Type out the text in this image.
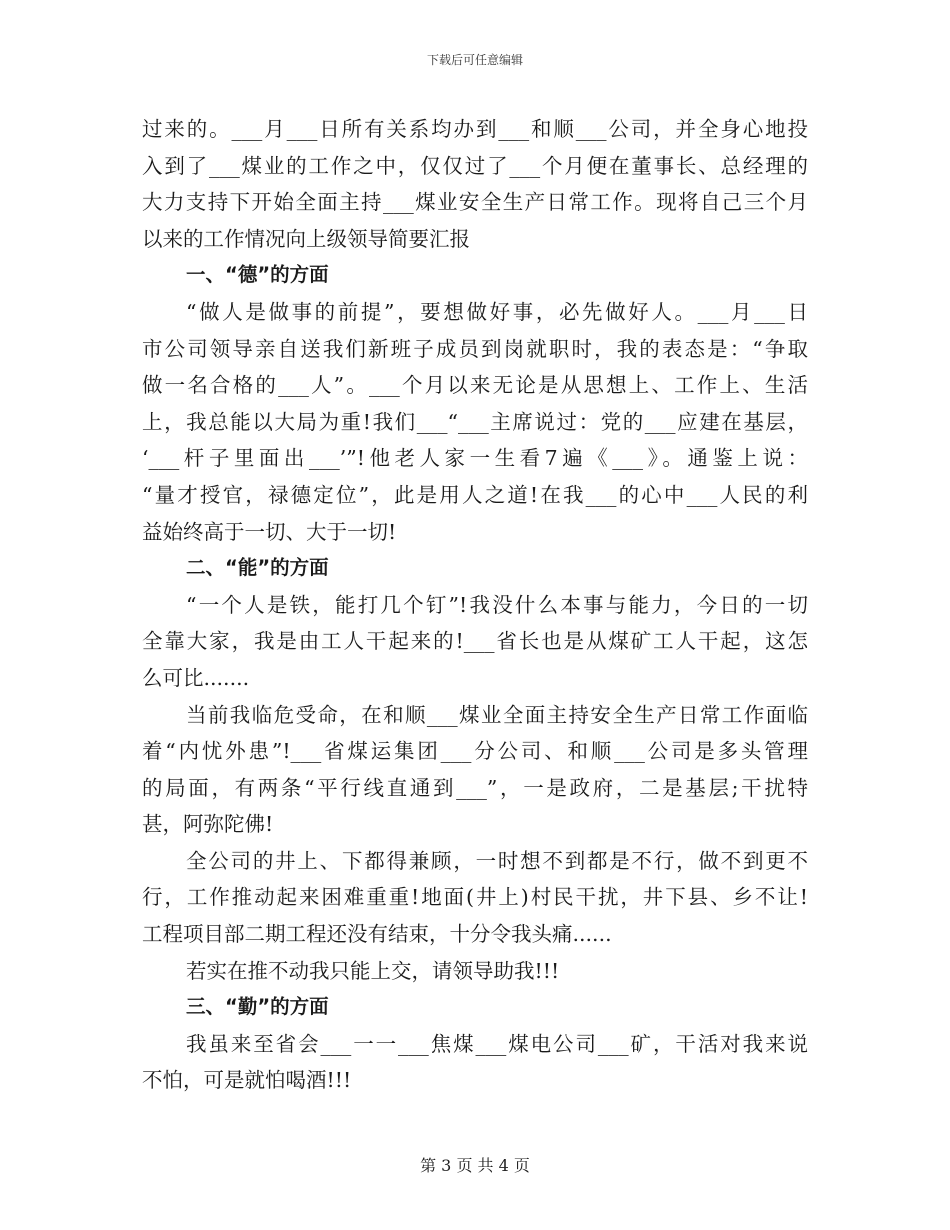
下载后可任意编辑
过来的。___月___日所有关系均办到___和顺___公司，并全身心地投
入到了___煤业的工作之中，仅仅过了___个月便在董事长、总经理的
大力支持下开始全面主持___煤业安全生产日常工作。现将自己三个月
以来的工作情况向上级领导简要汇报
一、“德”的方面
“做人是做事的前提”，要想做好事，必先做好人。___月___日
市公司领导亲自送我们新班子成员到岗就职时，我的表态是：“争取
做一名合格的___人”。___个月以来无论是从思想上、工作上、生活
上，我总能以大局为重!我们___“___主席说过：党的___应建在基层，
‘___杆子里面出___’”!他老人家一生看7遍《___》。通鉴上说：
“量才授官，禄德定位”，此是用人之道!在我___的心中___人民的利
益始终高于一切、大于一切!
二、“能”的方面
“一个人是铁，能打几个钉”!我没什么本事与能力，今日的一切
全靠大家，我是由工人干起来的!___省长也是从煤矿工人干起，这怎
么可比.......
当前我临危受命，在和顺___煤业全面主持安全生产日常工作面临
着“内忧外患”!___省煤运集团___分公司、和顺___公司是多头管理
的局面，有两条“平行线直通到___”，一是政府，二是基层;干扰特
甚，阿弥陀佛!
全公司的井上、下都得兼顾，一时想不到都是不行，做不到更不
行，工作推动起来困难重重!地面(井上)村民干扰，井下县、乡不让!
工程项目部二期工程还没有结束，十分令我头痛......
若实在推不动我只能上交，请领导助我!!!
三、“勤”的方面
我虽来至省会___一一___焦煤___煤电公司___矿，干活对我来说
不怕，可是就怕喝酒!!!
第 3 页 共 4 页
